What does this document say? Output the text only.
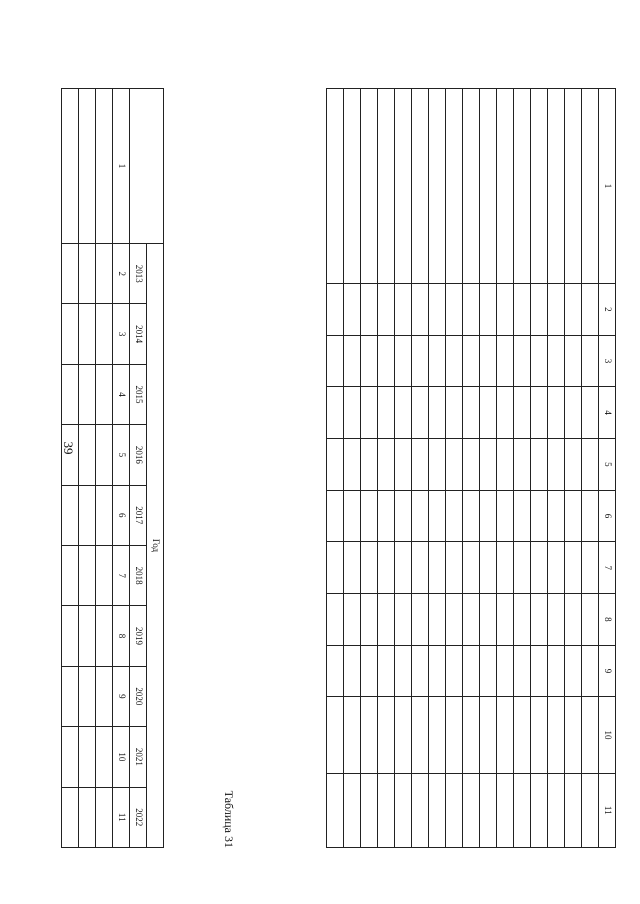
39
1	2	3	4	5	6	7	8	9	10	11

Таблица 31
	Год									
	2013	2014	2015	2016	2017	2018	2019	2020	2021	2022
1	2	3	4	5	6	7	8	9	10	11
